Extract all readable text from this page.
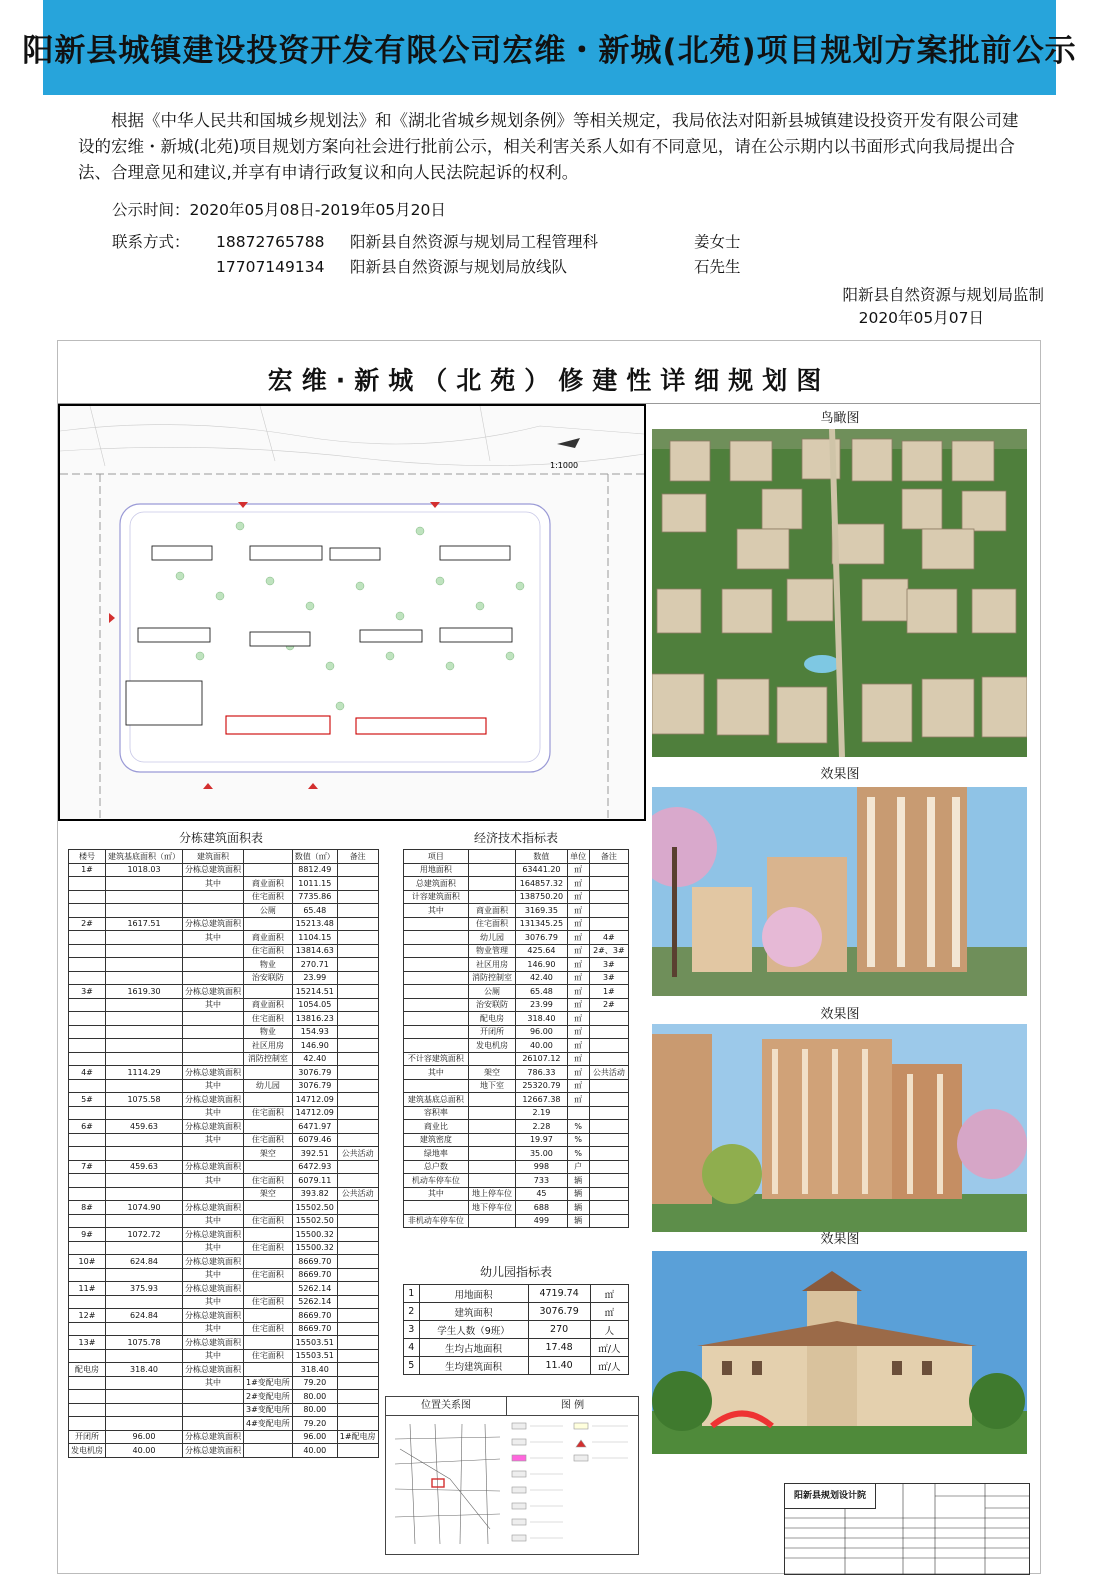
阳新县城镇建设投资开发有限公司宏维・新城(北苑)项目规划方案批前公示

根据《中华人民共和国城乡规划法》和《湖北省城乡规划条例》等相关规定，我局依法对阳新县城镇建设投资开发有限公司建设的宏维・新城(北苑)项目规划方案向社会进行批前公示，相关利害关系人如有不同意见，请在公示期内以书面形式向我局提出合法、合理意见和建议,并享有申请行政复议和向人民法院起诉的权利。

公示时间：2020年05月08日-2019年05月20日
联系方式： 18872765788 阳新县自然资源与规划局工程管理科	姜女士
17707149134 阳新县自然资源与规划局放线队	石先生
阳新县自然资源与规划局监制
2020年05月07日
宏维·新城（北苑）修建性详细规划图
1:1000
鸟瞰图
效果图
效果图
效果图
分栋建筑面积表
楼号	建筑基底面积（㎡）	建筑面积		数值（㎡）	备注
1#	1018.03	分栋总建筑面积		8812.49	
		其中	商业面积	1011.15	
			住宅面积	7735.86	
			公厕	65.48	
2#	1617.51	分栋总建筑面积		15213.48	
		其中	商业面积	1104.15	
			住宅面积	13814.63	
			物业	270.71	
			治安联防	23.99	
3#	1619.30	分栋总建筑面积		15214.51	
		其中	商业面积	1054.05	
			住宅面积	13816.23	
			物业	154.93	
			社区用房	146.90	
			消防控制室	42.40	
4#	1114.29	分栋总建筑面积		3076.79	
		其中	幼儿园	3076.79	
5#	1075.58	分栋总建筑面积		14712.09	
		其中	住宅面积	14712.09	
6#	459.63	分栋总建筑面积		6471.97	
		其中	住宅面积	6079.46	
			架空	392.51	公共活动
7#	459.63	分栋总建筑面积		6472.93	
		其中	住宅面积	6079.11	
			架空	393.82	公共活动
8#	1074.90	分栋总建筑面积		15502.50	
		其中	住宅面积	15502.50	
9#	1072.72	分栋总建筑面积		15500.32	
		其中	住宅面积	15500.32	
10#	624.84	分栋总建筑面积		8669.70	
		其中	住宅面积	8669.70	
11#	375.93	分栋总建筑面积		5262.14	
		其中	住宅面积	5262.14	
12#	624.84	分栋总建筑面积		8669.70	
		其中	住宅面积	8669.70	
13#	1075.78	分栋总建筑面积		15503.51	
		其中	住宅面积	15503.51	
配电房	318.40	分栋总建筑面积		318.40	
		其中	1#变配电所	79.20	
			2#变配电所	80.00	
			3#变配电所	80.00	
			4#变配电所	79.20	
开闭所	96.00	分栋总建筑面积		96.00	1#配电房
发电机房	40.00	分栋总建筑面积		40.00	
经济技术指标表
项目		数值	单位	备注
用地面积		63441.20	㎡	
总建筑面积		164857.32	㎡	
计容建筑面积		138750.20	㎡	
其中	商业面积	3169.35	㎡	
	住宅面积	131345.25	㎡	
	幼儿园	3076.79	㎡	4#
	物业管理	425.64	㎡	2#、3#
	社区用房	146.90	㎡	3#
	消防控制室	42.40	㎡	3#
	公厕	65.48	㎡	1#
	治安联防	23.99	㎡	2#
	配电房	318.40	㎡	
	开闭所	96.00	㎡	
	发电机房	40.00	㎡	
不计容建筑面积		26107.12	㎡	
其中	架空	786.33	㎡	公共活动
	地下室	25320.79	㎡	
建筑基底总面积		12667.38	㎡	
容积率		2.19		
商业比		2.28	%	
建筑密度		19.97	%	
绿地率		35.00	%	
总户数		998	户	
机动车停车位		733	辆	
其中	地上停车位	45	辆	
	地下停车位	688	辆	
非机动车停车位		499	辆	
幼儿园指标表
1	用地面积	4719.74	㎡
2	建筑面积	3076.79	㎡
3	学生人数（9班）	270	人
4	生均占地面积	17.48	㎡/人
5	生均建筑面积	11.40	㎡/人
位置关系图	图 例
阳新县规划设计院
